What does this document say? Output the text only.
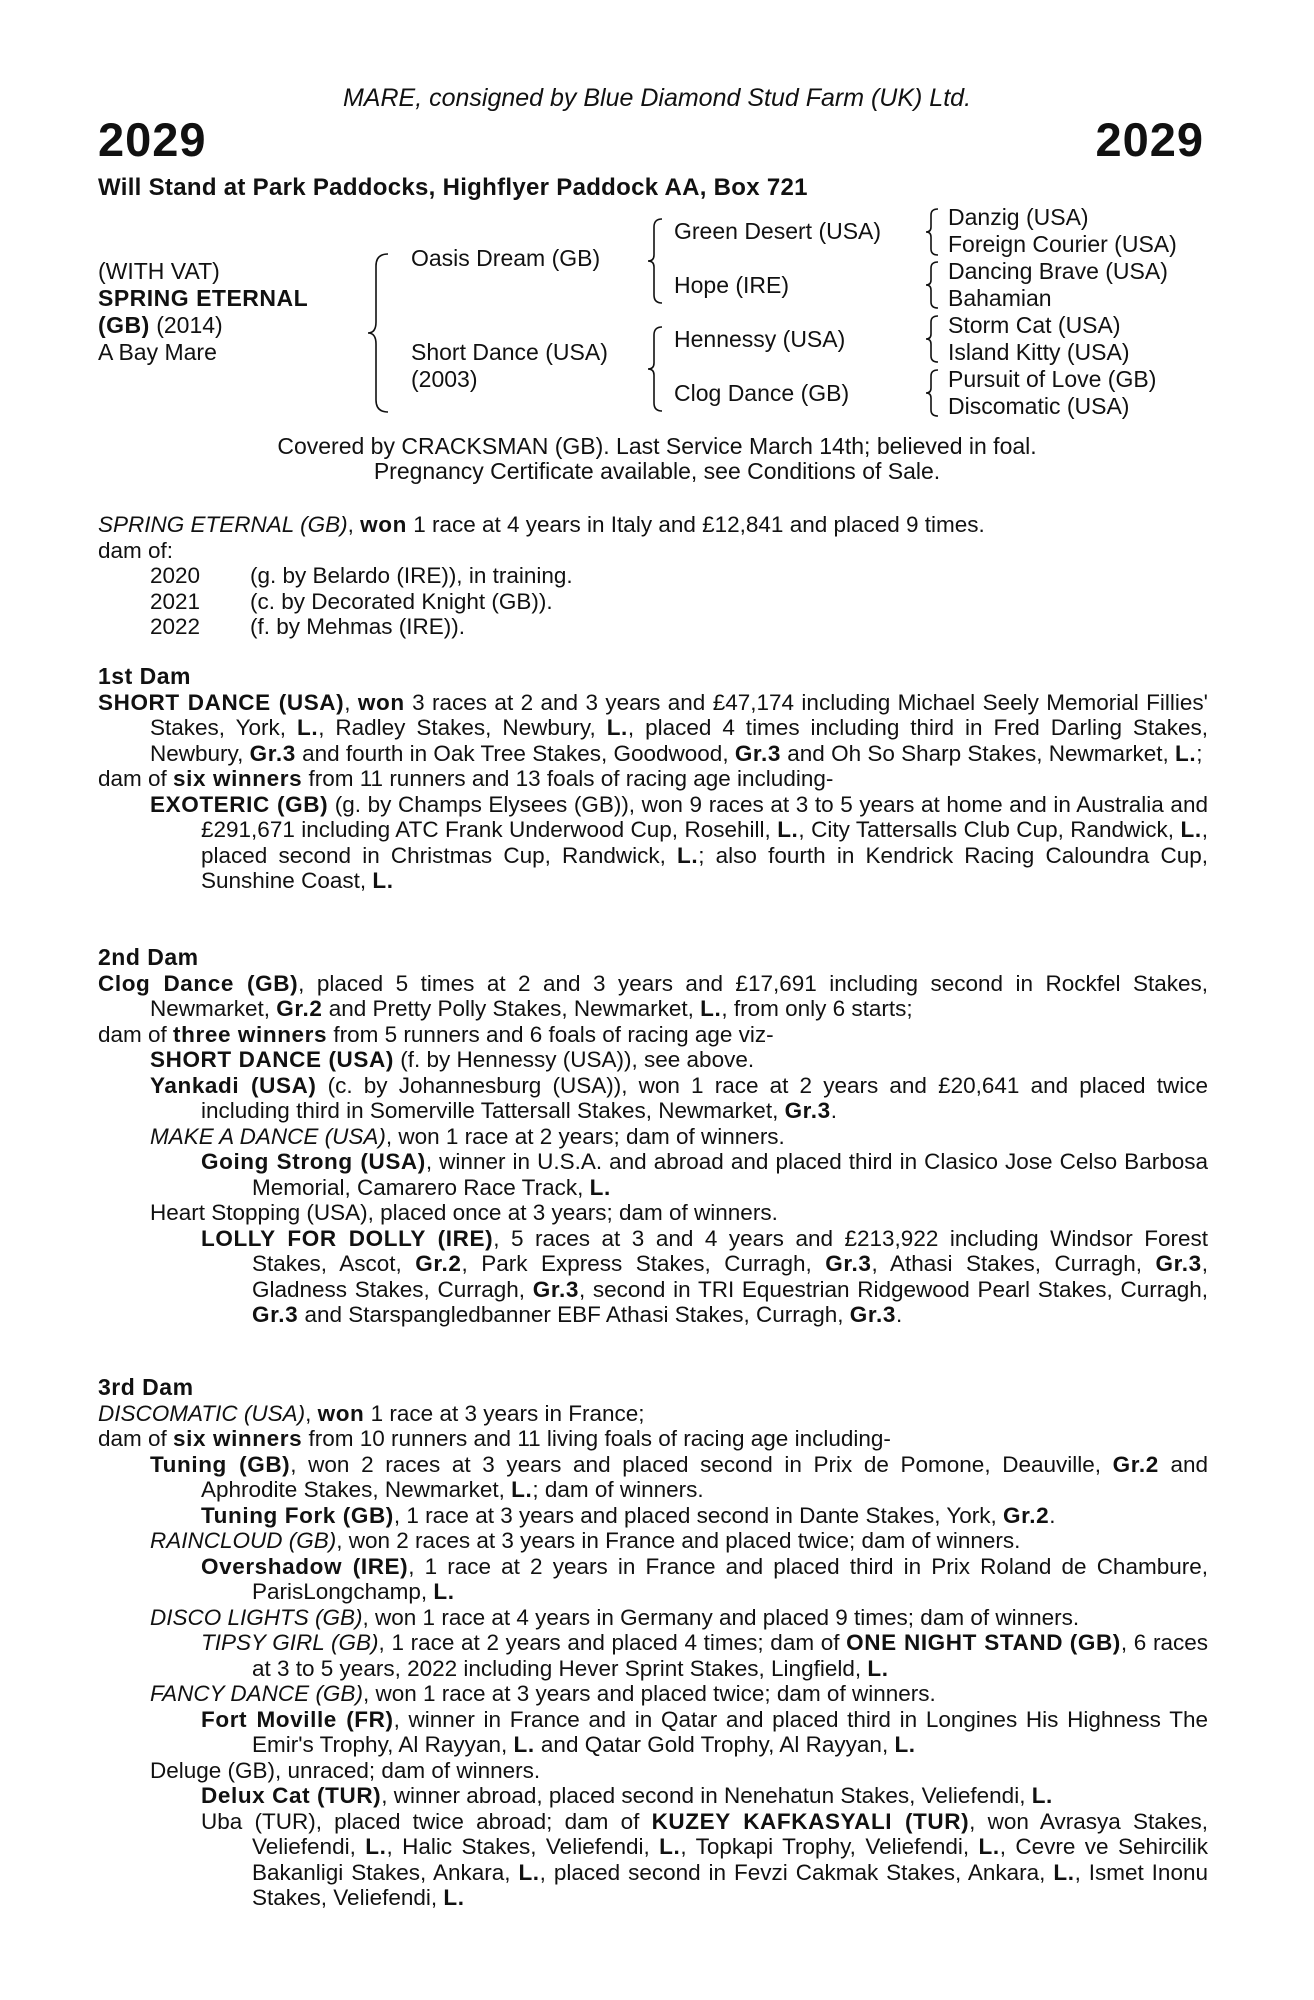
MARE, consigned by Blue Diamond Stud Farm (UK) Ltd.
2029	2029
Will Stand at Park Paddocks, Highflyer Paddock AA, Box 721
(WITH VAT)
SPRING ETERNAL
(GB) (2014)
A Bay Mare
Oasis Dream (GB)
Short Dance (USA)
(2003)
Green Desert (USA)
Hope (IRE)
Hennessy (USA)
Clog Dance (GB)
Danzig (USA)
Foreign Courier (USA)
Dancing Brave (USA)
Bahamian
Storm Cat (USA)
Island Kitty (USA)
Pursuit of Love (GB)
Discomatic (USA)
Covered by CRACKSMAN (GB). Last Service March 14th; believed in foal.
Pregnancy Certificate available, see Conditions of Sale.
SPRING ETERNAL (GB), won 1 race at 4 years in Italy and £12,841 and placed 9 times.
dam of:
2020 (g. by Belardo (IRE)), in training.
2021 (c. by Decorated Knight (GB)).
2022 (f. by Mehmas (IRE)).
1st Dam
SHORT DANCE (USA), won 3 races at 2 and 3 years and £47,174 including Michael Seely Memorial Fillies' Stakes, York, L., Radley Stakes, Newbury, L., placed 4 times including third in Fred Darling Stakes, Newbury, Gr.3 and fourth in Oak Tree Stakes, Goodwood, Gr.3 and Oh So Sharp Stakes, Newmarket, L.;
dam of six winners from 11 runners and 13 foals of racing age including-
EXOTERIC (GB) (g. by Champs Elysees (GB)), won 9 races at 3 to 5 years at home and in Australia and £291,671 including ATC Frank Underwood Cup, Rosehill, L., City Tattersalls Club Cup, Randwick, L., placed second in Christmas Cup, Randwick, L.; also fourth in Kendrick Racing Caloundra Cup, Sunshine Coast, L.
2nd Dam
Clog Dance (GB), placed 5 times at 2 and 3 years and £17,691 including second in Rockfel Stakes, Newmarket, Gr.2 and Pretty Polly Stakes, Newmarket, L., from only 6 starts;
dam of three winners from 5 runners and 6 foals of racing age viz-
SHORT DANCE (USA) (f. by Hennessy (USA)), see above.
Yankadi (USA) (c. by Johannesburg (USA)), won 1 race at 2 years and £20,641 and placed twice including third in Somerville Tattersall Stakes, Newmarket, Gr.3.
MAKE A DANCE (USA), won 1 race at 2 years; dam of winners.
Going Strong (USA), winner in U.S.A. and abroad and placed third in Clasico Jose Celso Barbosa Memorial, Camarero Race Track, L.
Heart Stopping (USA), placed once at 3 years; dam of winners.
LOLLY FOR DOLLY (IRE), 5 races at 3 and 4 years and £213,922 including Windsor Forest Stakes, Ascot, Gr.2, Park Express Stakes, Curragh, Gr.3, Athasi Stakes, Curragh, Gr.3, Gladness Stakes, Curragh, Gr.3, second in TRI Equestrian Ridgewood Pearl Stakes, Curragh, Gr.3 and Starspangledbanner EBF Athasi Stakes, Curragh, Gr.3.
3rd Dam
DISCOMATIC (USA), won 1 race at 3 years in France;
dam of six winners from 10 runners and 11 living foals of racing age including-
Tuning (GB), won 2 races at 3 years and placed second in Prix de Pomone, Deauville, Gr.2 and Aphrodite Stakes, Newmarket, L.; dam of winners.
Tuning Fork (GB), 1 race at 3 years and placed second in Dante Stakes, York, Gr.2.
RAINCLOUD (GB), won 2 races at 3 years in France and placed twice; dam of winners.
Overshadow (IRE), 1 race at 2 years in France and placed third in Prix Roland de Chambure, ParisLongchamp, L.
DISCO LIGHTS (GB), won 1 race at 4 years in Germany and placed 9 times; dam of winners.
TIPSY GIRL (GB), 1 race at 2 years and placed 4 times; dam of ONE NIGHT STAND (GB), 6 races at 3 to 5 years, 2022 including Hever Sprint Stakes, Lingfield, L.
FANCY DANCE (GB), won 1 race at 3 years and placed twice; dam of winners.
Fort Moville (FR), winner in France and in Qatar and placed third in Longines His Highness The Emir's Trophy, Al Rayyan, L. and Qatar Gold Trophy, Al Rayyan, L.
Deluge (GB), unraced; dam of winners.
Delux Cat (TUR), winner abroad, placed second in Nenehatun Stakes, Veliefendi, L.
Uba (TUR), placed twice abroad; dam of KUZEY KAFKASYALI (TUR), won Avrasya Stakes, Veliefendi, L., Halic Stakes, Veliefendi, L., Topkapi Trophy, Veliefendi, L., Cevre ve Sehircilik Bakanligi Stakes, Ankara, L., placed second in Fevzi Cakmak Stakes, Ankara, L., Ismet Inonu Stakes, Veliefendi, L.
